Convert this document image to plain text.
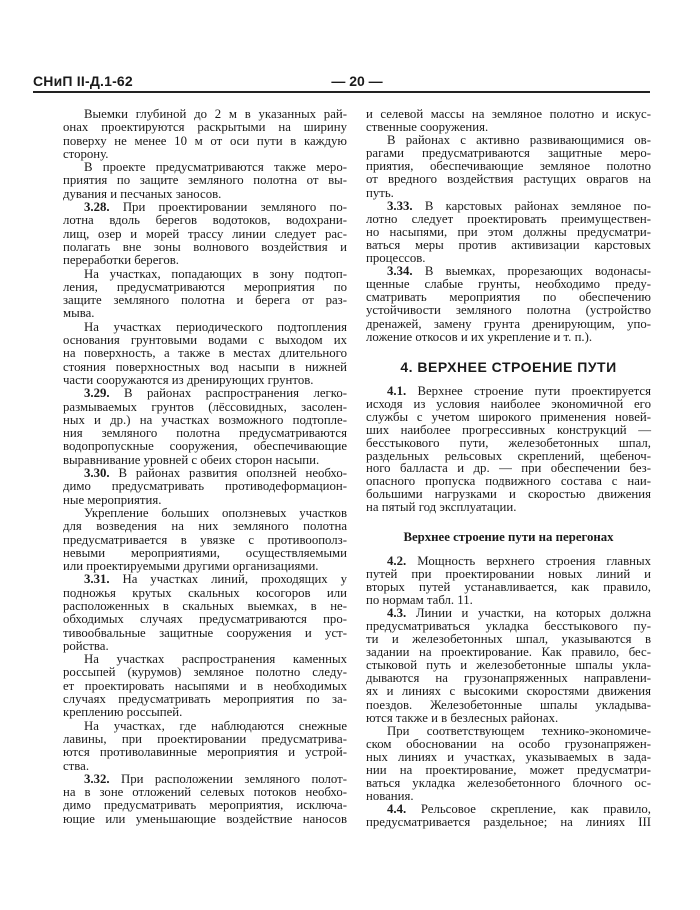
СНиП II-Д.1-62	— 20 —
Выемки глубиной до 2 м в указанных рай-
онах проектируются раскрытыми на ширину
поверху не менее 10 м от оси пути в каждую
сторону.
В проекте предусматриваются также меро-
приятия по защите земляного полотна от вы-
дувания и песчаных заносов.
3.28. При проектировании земляного по-
лотна вдоль берегов водотоков, водохрани-
лищ, озер и морей трассу линии следует рас-
полагать вне зоны волнового воздействия и
переработки берегов.
На участках, попадающих в зону подтоп-
ления, предусматриваются мероприятия по
защите земляного полотна и берега от раз-
мыва.
На участках периодического подтопления
основания грунтовыми водами с выходом их
на поверхность, а также в местах длительного
стояния поверхностных вод насыпи в нижней
части сооружаются из дренирующих грунтов.
3.29. В районах распространения легко-
размываемых грунтов (лёссовидных, засолен-
ных и др.) на участках возможного подтопле-
ния земляного полотна предусматриваются
водопропускные сооружения, обеспечивающие
выравнивание уровней с обеих сторон насыпи.
3.30. В районах развития оползней необхо-
димо предусматривать противодеформацион-
ные мероприятия.
Укрепление больших оползневых участков
для возведения на них земляного полотна
предусматривается в увязке с противоополз-
невыми мероприятиями, осуществляемыми
или проектируемыми другими организациями.
3.31. На участках линий, проходящих у
подножья крутых скальных косогоров или
расположенных в скальных выемках, в не-
обходимых случаях предусматриваются про-
тивообвальные защитные сооружения и уст-
ройства.
На участках распространения каменных
россыпей (курумов) земляное полотно следу-
ет проектировать насыпями и в необходимых
случаях предусматривать мероприятия по за-
креплению россыпей.
На участках, где наблюдаются снежные
лавины, при проектировании предусматрива-
ются противолавинные мероприятия и устрой-
ства.
3.32. При расположении земляного полот-
на в зоне отложений селевых потоков необхо-
димо предусматривать мероприятия, исключа-
ющие или уменьшающие воздействие наносов
и селевой массы на земляное полотно и искус-
ственные сооружения.
В районах с активно развивающимися ов-
рагами предусматриваются защитные меро-
приятия, обеспечивающие земляное полотно
от вредного воздействия растущих оврагов на
путь.
3.33. В карстовых районах земляное по-
лотно следует проектировать преимуществен-
но насыпями, при этом должны предусматри-
ваться меры против активизации карстовых
процессов.
3.34. В выемках, прорезающих водонасы-
щенные слабые грунты, необходимо преду-
сматривать мероприятия по обеспечению
устойчивости земляного полотна (устройство
дренажей, замену грунта дренирующим, упо-
ложение откосов и их укрепление и т. п.).
4. ВЕРХНЕЕ СТРОЕНИЕ ПУТИ
4.1. Верхнее строение пути проектируется
исходя из условия наиболее экономичной его
службы с учетом широкого применения новей-
ших наиболее прогрессивных конструкций —
бесстыкового пути, железобетонных шпал,
раздельных рельсовых скреплений, щебеноч-
ного балласта и др. — при обеспечении без-
опасного пропуска подвижного состава с наи-
большими нагрузками и скоростью движения
на пятый год эксплуатации.
Верхнее строение пути на перегонах
4.2. Мощность верхнего строения главных
путей при проектировании новых линий и
вторых путей устанавливается, как правило,
по нормам табл. 11.
4.3. Линии и участки, на которых должна
предусматриваться укладка бесстыкового пу-
ти и железобетонных шпал, указываются в
задании на проектирование. Как правило, бес-
стыковой путь и железобетонные шпалы укла-
дываются на грузонапряженных направлени-
ях и линиях с высокими скоростями движения
поездов. Железобетонные шпалы укладыва-
ются также и в безлесных районах.
При соответствующем технико-экономиче-
ском обосновании на особо грузонапряжен-
ных линиях и участках, указываемых в зада-
нии на проектирование, может предусматри-
ваться укладка железобетонного блочного ос-
нования.
4.4. Рельсовое скрепление, как правило,
предусматривается раздельное; на линиях III
